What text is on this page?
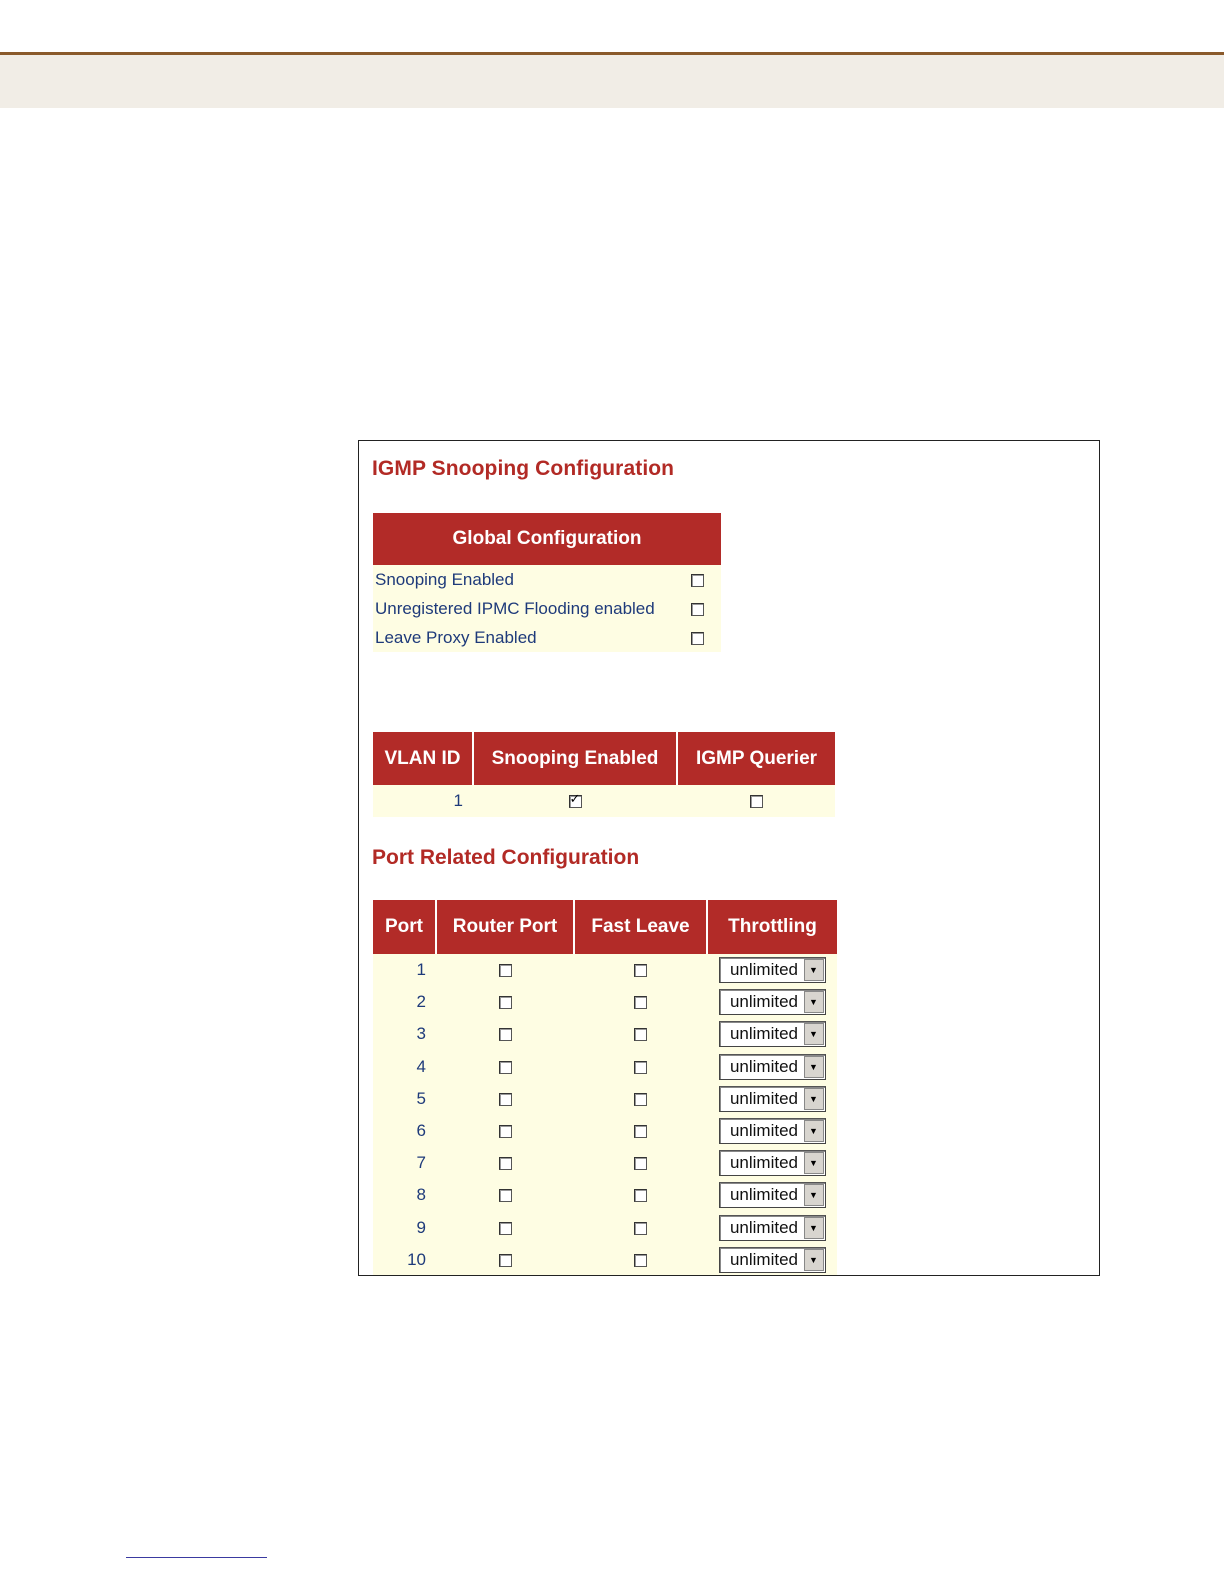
IGMP Snooping Configuration
Global Configuration	
Snooping Enabled	
Unregistered IPMC Flooding enabled	
Leave Proxy Enabled	
VLAN ID	Snooping Enabled	IGMP Querier
1	✓	
Port Related Configuration
Port	Router Port	Fast Leave	Throttling
1			unlimited ▼

2			unlimited ▼

3			unlimited ▼

4			unlimited ▼

5			unlimited ▼

6			unlimited ▼

7			unlimited ▼

8			unlimited ▼

9			unlimited ▼

10			unlimited ▼
